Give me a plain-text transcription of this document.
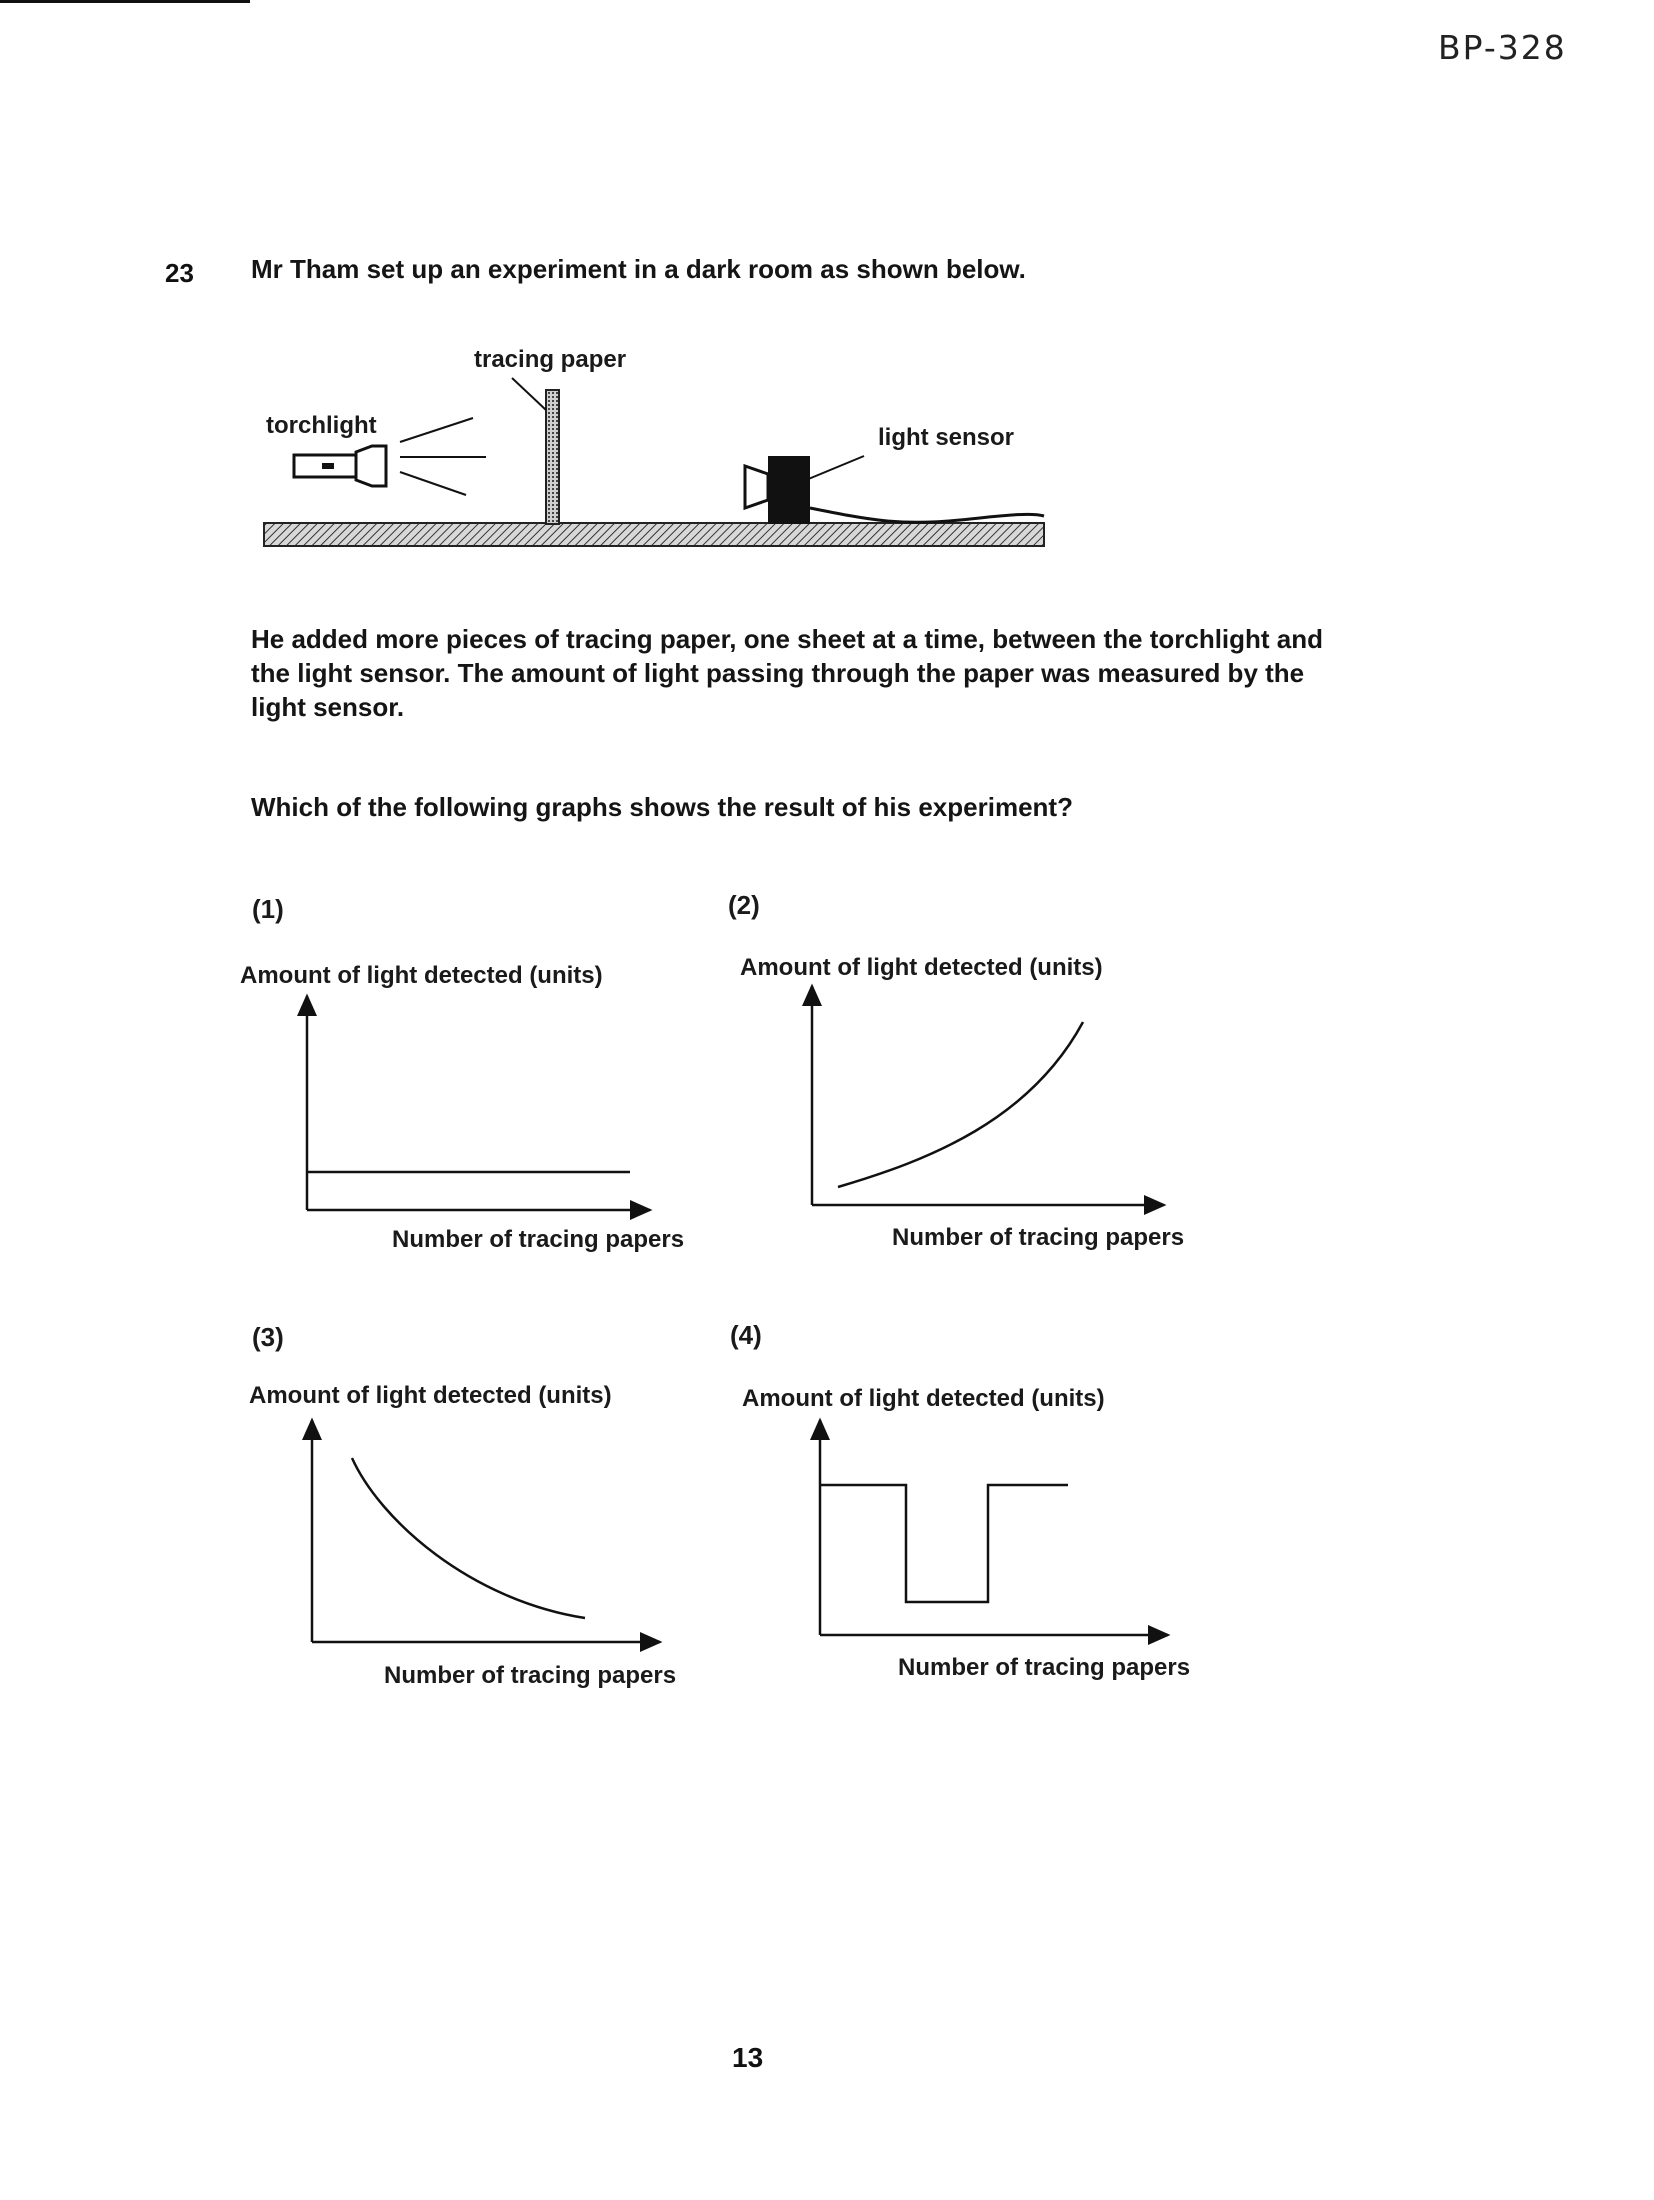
BP-328
23 Mr Tham set up an experiment in a dark room as shown below.
tracing paper
torchlight	light sensor
He added more pieces of tracing paper, one sheet at a time, between the torchlight and the light sensor. The amount of light passing through the paper was measured by the light sensor.
Which of the following graphs shows the result of his experiment?
(1)
Amount of light detected (units)
Number of tracing papers
(2)
Amount of light detected (units)
Number of tracing papers
(3)
Amount of light detected (units)
Number of tracing papers
(4)
Amount of light detected (units)
Number of tracing papers
13
